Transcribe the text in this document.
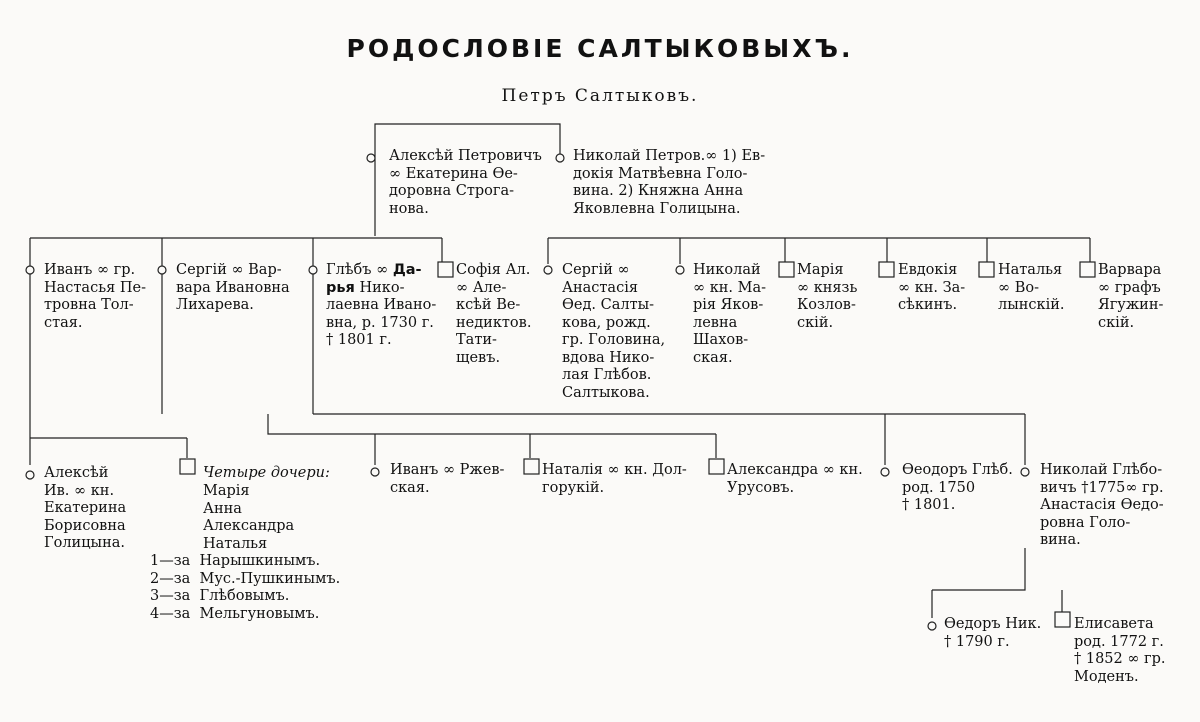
РОДОСЛОВІЕ САЛТЫКОВЫХЪ.
Петръ Салтыковъ.
Алексѣй Петровичъ
∞ Екатерина Ѳе-
доровна Строга-
нова.
Николай Петров.∞ 1) Ев-
докія Матвѣевна Голо-
вина. 2) Княжна Анна
Яковлевна Голицына.
Иванъ ∞ гр.
Настасья Пе-
тровна Тол-
стая.
Сергій ∞ Вар-
вара Ивановна
Лихарева.
Глѣбъ ∞ Да-
рья Нико-
лаевна Ивано-
вна, р. 1730 г.
† 1801 г.
Софія Ал.
∞ Але-
ксѣй Ве-
недиктов.
Тати-
щевъ.
Сергій ∞
Анастасія
Ѳед. Салты-
кова, рожд.
гр. Головина,
вдова Нико-
лая Глѣбов.
Салтыкова.
Николай
∞ кн. Ма-
рія Яков-
левна
Шахов-
ская.
Марія
∞ князь
Козлов-
скій.
Евдокія
∞ кн. За-
сѣкинъ.
Наталья
∞ Во-
лынскій.
Варвара
∞ графъ
Ягужин-
скій.
Алексѣй
Ив. ∞ кн.
Екатерина
Борисовна
Голицына.
Четыре дочери:
Марія
Анна
Александра
Наталья
1—за  Нарышкинымъ.
2—за  Мус.-Пушкинымъ.
3—за  Глѣбовымъ.
4—за  Мельгуновымъ.
Иванъ ∞ Ржев-
ская.
Наталія ∞ кн. Дол-
горукій.
Александра ∞ кн.
Урусовъ.
Ѳеодоръ Глѣб.
род. 1750
† 1801.
Николай Глѣбо-
вичъ †1775∞ гр.
Анастасія Ѳедо-
ровна Голо-
вина.
Ѳедоръ Ник.
† 1790 г.
Елисавета
род. 1772 г.
† 1852 ∞ гр.
Моденъ.
